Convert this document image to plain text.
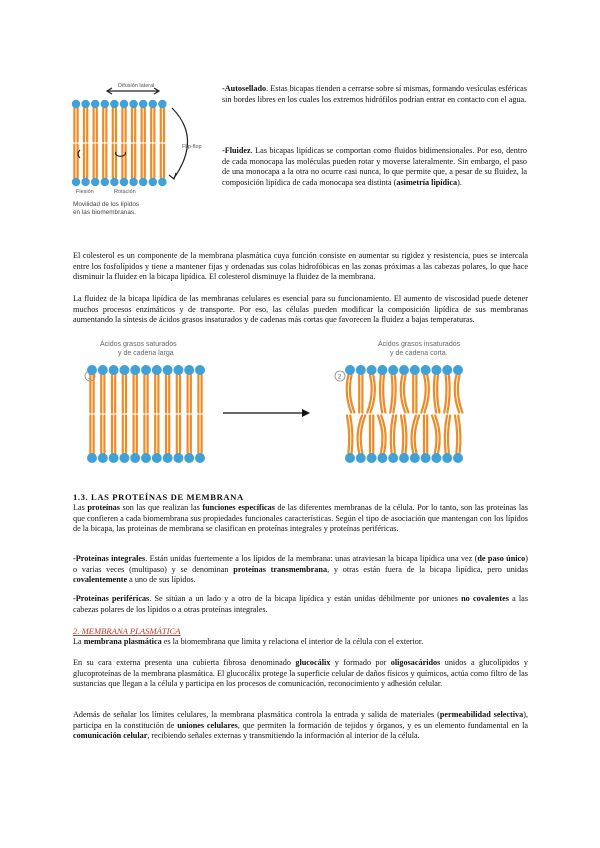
Difusión lateral
Flip-flop
Flexión	Rotación
Movilidad de los lípidos
en las biomembranas.

-Autosellado. Estas bicapas tienden a cerrarse sobre sí mismas, formando vesículas esféricas sin bordes libres en los cuales los extremos hidrófilos podrían entrar en contacto con el agua.

-Fluidez. Las bicapas lipídicas se comportan como fluidos bidimensionales. Por eso, dentro de cada monocapa las moléculas pueden rotar y moverse lateralmente. Sin embargo, el paso de una monocapa a la otra no ocurre casi nunca, lo que permite que, a pesar de su fluidez, la composición lipídica de cada monocapa sea distinta (asimetría lipídica).

El colesterol es un componente de la membrana plasmática cuya función consiste en aumentar su rigidez y resistencia, pues se intercala entre los fosfolípidos y tiene a mantener fijas y ordenadas sus colas hidrofóbicas en las zonas próximas a las cabezas polares, lo que hace disminuir la fluidez en la bicapa lipídica. El colesterol disminuye la fluidez de la membrana.

La fluidez de la bicapa lipídica de las membranas celulares es esencial para su funcionamiento. El aumento de viscosidad puede detener muchos procesos enzimáticos y de transporte. Por eso, las células pueden modificar la composición lipídica de sus membranas aumentando la síntesis de ácidos grasos insaturados y de cadenas más cortas que favorecen la fluidez a bajas temperaturas.

Ácidos grasos saturados
y de cadena larga
Ácidos grasos insaturados
y de cadena corta.
1	2
1.3. LAS PROTEÍNAS DE MEMBRANA

Las proteínas son las que realizan las funciones específicas de las diferentes membranas de la célula. Por lo tanto, son las proteínas las que confieren a cada biomembrana sus propiedades funcionales características. Según el tipo de asociación que mantengan con los lípidos de la bicapa, las proteínas de membrana se clasifican en proteínas integrales y proteínas periféricas.

-Proteínas integrales. Están unidas fuertemente a los lípidos de la membrana: unas atraviesan la bicapa lipídica una vez (de paso único) o varias veces (multipaso) y se denominan proteínas transmembrana, y otras están fuera de la bicapa lipídica, pero unidas covalentemente a uno de sus lípidos.

-Proteínas periféricas. Se sitúan a un lado y a otro de la bicapa lipídica y están unidas débilmente por uniones no covalentes a las cabezas polares de los lípidos o a otras proteínas integrales.

2. MEMBRANA PLASMÁTICA

La membrana plasmática es la biomembrana que limita y relaciona el interior de la célula con el exterior.

En su cara externa presenta una cubierta fibrosa denominado glucocálix y formado por oligosacáridos unidos a glucolípidos y glucoproteínas de la membrana plasmática. El glucocálix protege la superficie celular de daños físicos y químicos, actúa como filtro de las sustancias que llegan a la célula y participa en los procesos de comunicación, reconocimiento y adhesión celular.

Además de señalar los límites celulares, la membrana plasmática controla la entrada y salida de materiales (permeabilidad selectiva), participa en la constitución de uniones celulares, que permiten la formación de tejidos y órganos, y es un elemento fundamental en la comunicación celular, recibiendo señales externas y transmitiendo la información al interior de la célula.
